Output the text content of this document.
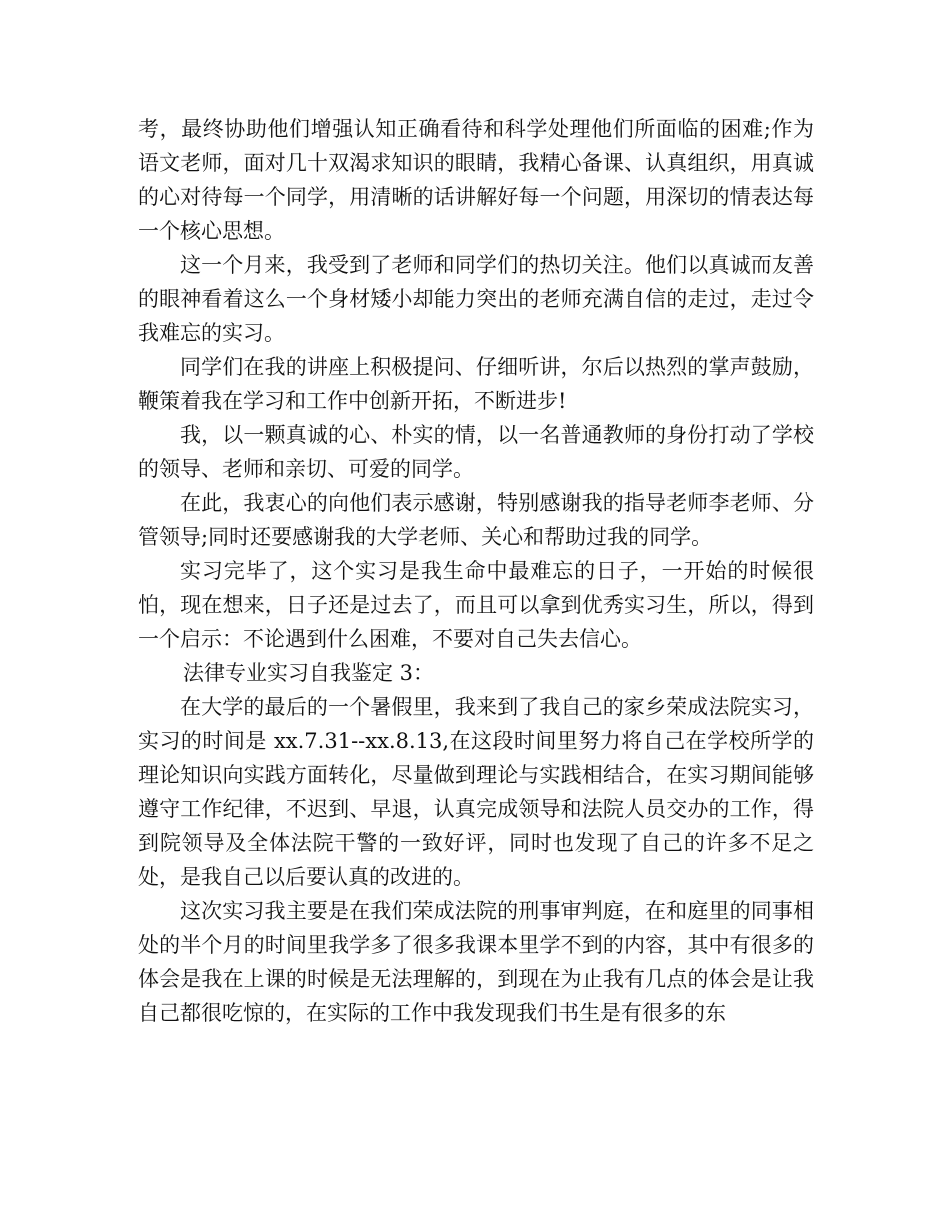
考，最终协助他们增强认知正确看待和科学处理他们所面临的困难;作为语文老师，面对几十双渴求知识的眼睛，我精心备课、认真组织，用真诚的心对待每一个同学，用清晰的话讲解好每一个问题，用深切的情表达每一个核心思想。

这一个月来，我受到了老师和同学们的热切关注。他们以真诚而友善的眼神看着这么一个身材矮小却能力突出的老师充满自信的走过，走过令我难忘的实习。

同学们在我的讲座上积极提问、仔细听讲，尔后以热烈的掌声鼓励，鞭策着我在学习和工作中创新开拓，不断进步!

我，以一颗真诚的心、朴实的情，以一名普通教师的身份打动了学校的领导、老师和亲切、可爱的同学。

在此，我衷心的向他们表示感谢，特别感谢我的指导老师李老师、分管领导;同时还要感谢我的大学老师、关心和帮助过我的同学。

实习完毕了，这个实习是我生命中最难忘的日子，一开始的时候很怕，现在想来，日子还是过去了，而且可以拿到优秀实习生，所以，得到一个启示：不论遇到什么困难，不要对自己失去信心。

法律专业实习自我鉴定 3：

在大学的最后的一个暑假里，我来到了我自己的家乡荣成法院实习，实习的时间是 xx.7.31--xx.8.13,在这段时间里努力将自己在学校所学的理论知识向实践方面转化，尽量做到理论与实践相结合，在实习期间能够遵守工作纪律，不迟到、早退，认真完成领导和法院人员交办的工作，得到院领导及全体法院干警的一致好评，同时也发现了自己的许多不足之处，是我自己以后要认真的改进的。

这次实习我主要是在我们荣成法院的刑事审判庭，在和庭里的同事相处的半个月的时间里我学多了很多我课本里学不到的内容，其中有很多的体会是我在上课的时候是无法理解的，到现在为止我有几点的体会是让我自己都很吃惊的，在实际的工作中我发现我们书生是有很多的东
